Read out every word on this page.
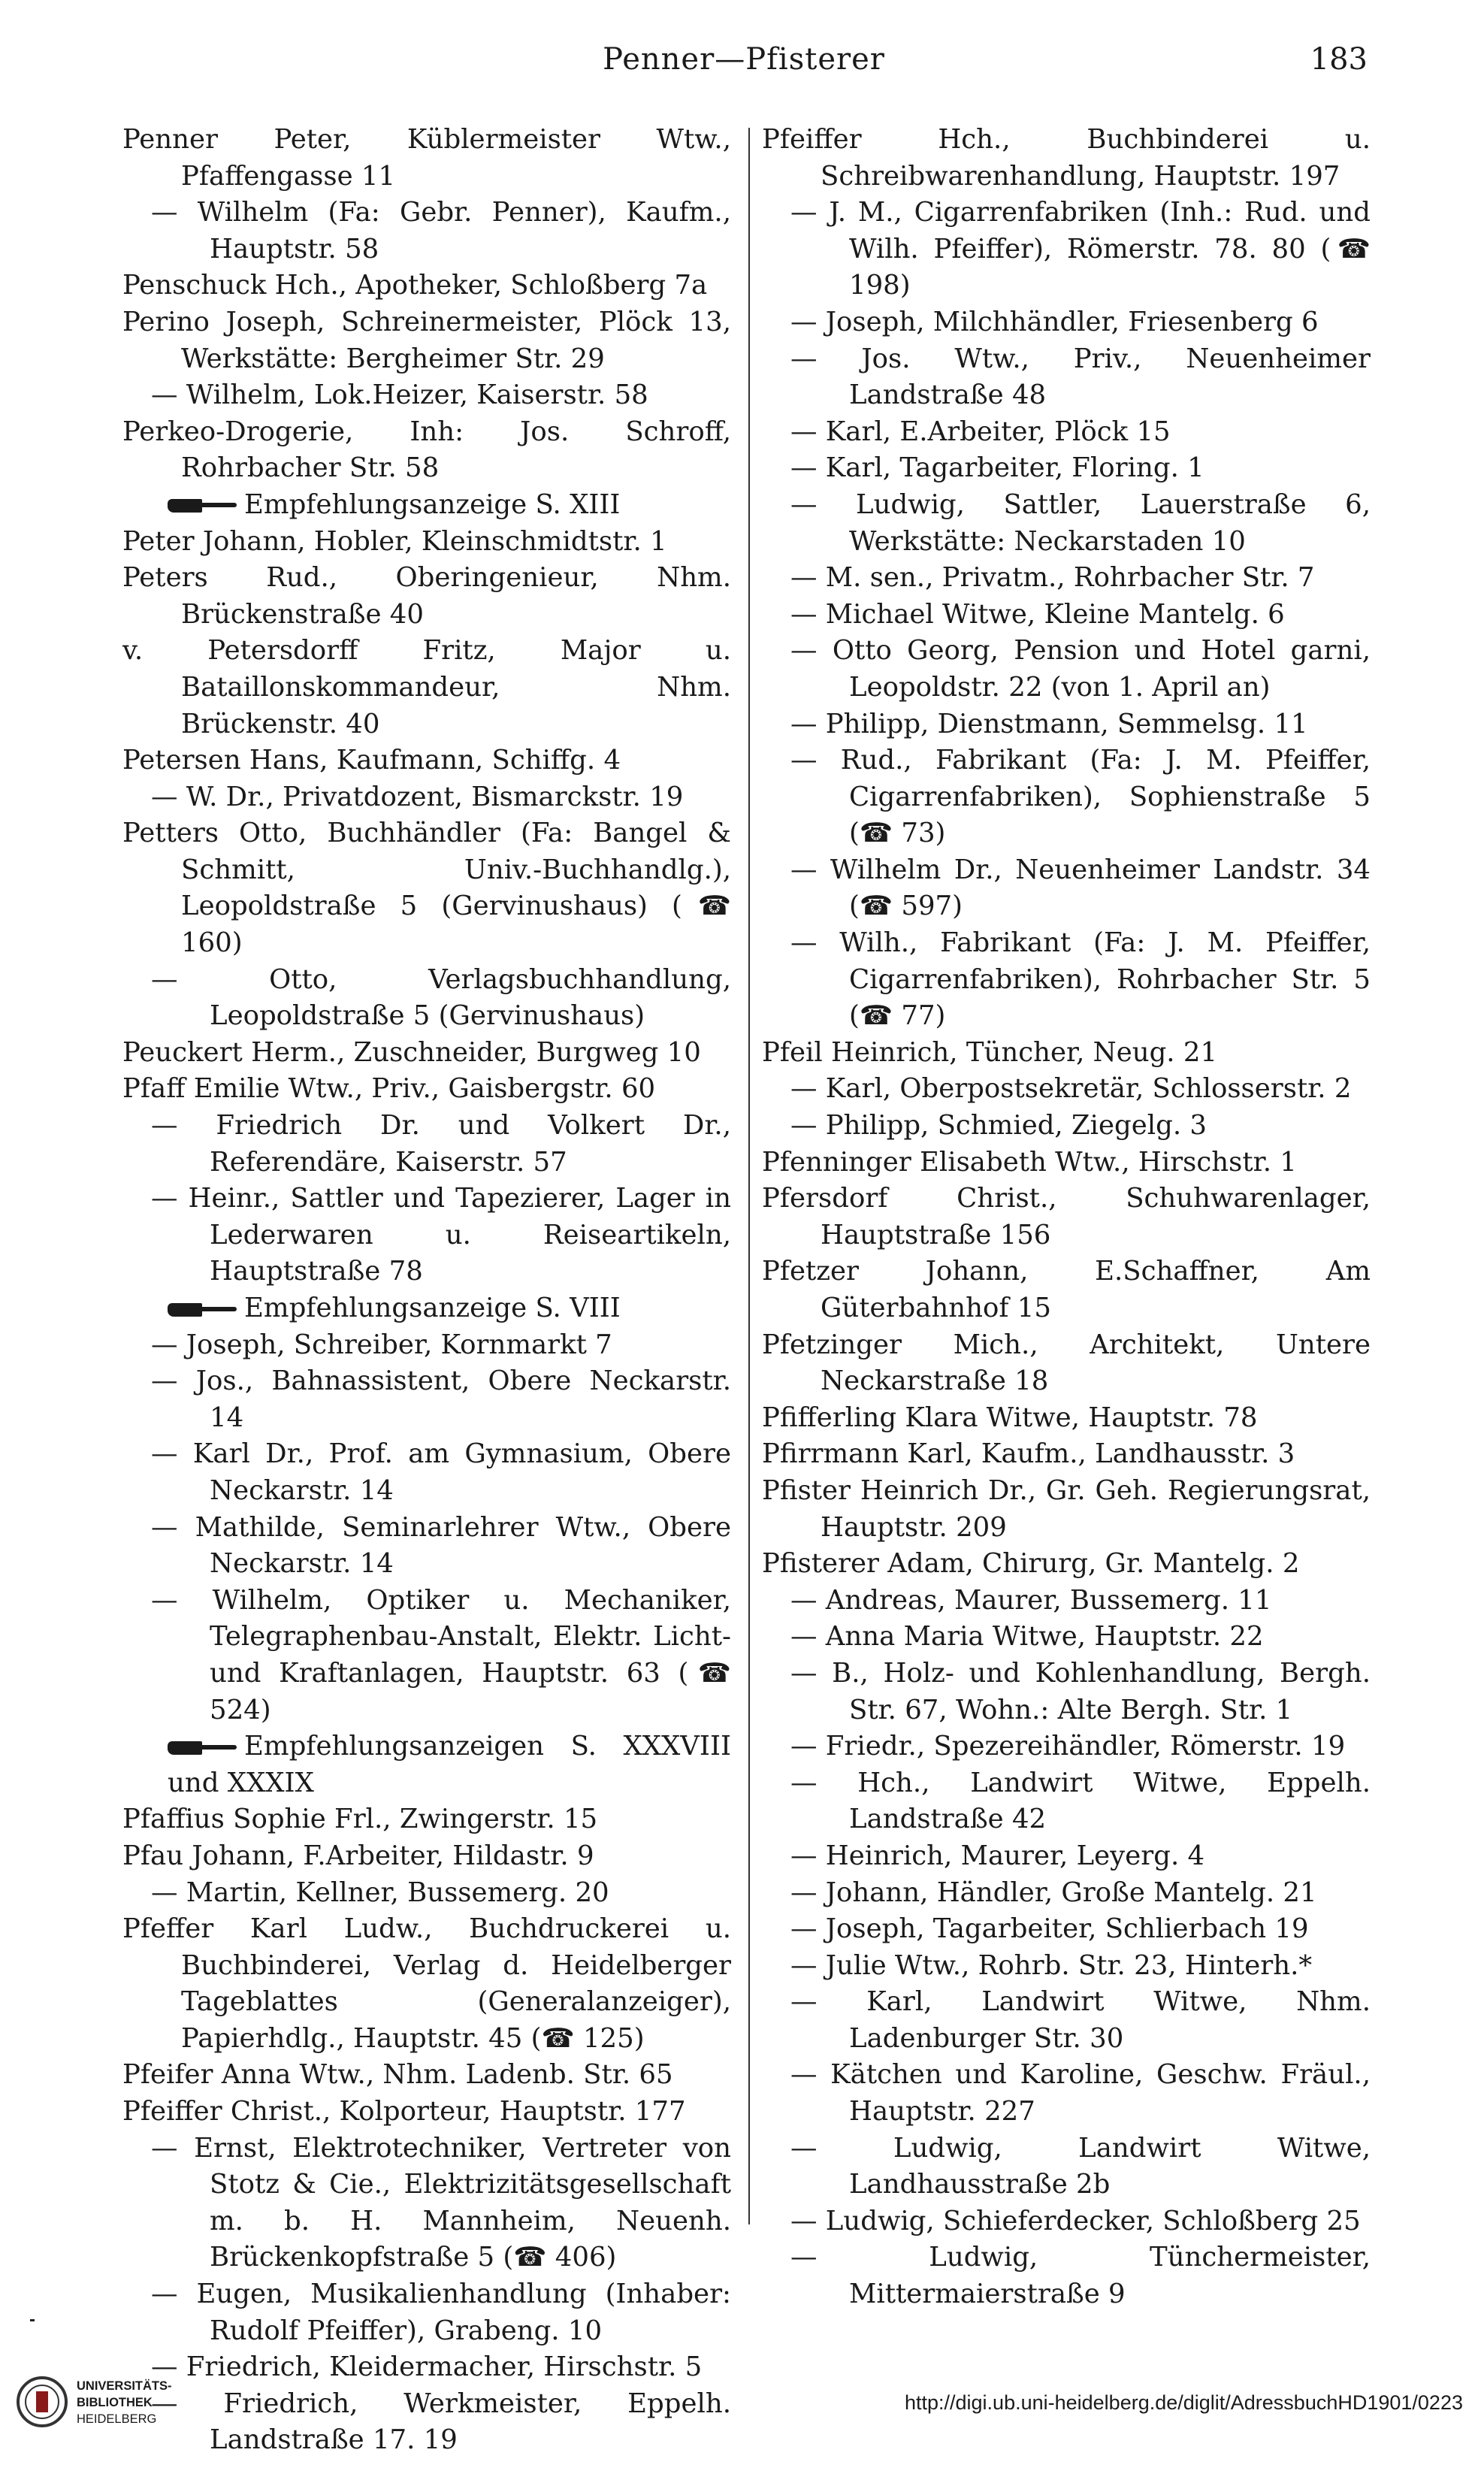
Penner—Pfisterer	183
Penner Peter, Küblermeister Wtw., Pfaffengasse 11
— Wilhelm (Fa: Gebr. Penner), Kaufm., Hauptstr. 58
Penschuck Hch., Apotheker, Schloßberg 7a
Perino Joseph, Schreinermeister, Plöck 13, Werkstätte: Bergheimer Str. 29
— Wilhelm, Lok.Heizer, Kaiserstr. 58
Perkeo-Drogerie, Inh: Jos. Schroff, Rohrbacher Str. 58
Empfehlungsanzeige S. XIII
Peter Johann, Hobler, Kleinschmidtstr. 1
Peters Rud., Oberingenieur, Nhm. Brückenstraße 40
v. Petersdorff Fritz, Major u. Bataillonskommandeur, Nhm. Brückenstr. 40
Petersen Hans, Kaufmann, Schiffg. 4
— W. Dr., Privatdozent, Bismarckstr. 19
Petters Otto, Buchhändler (Fa: Bangel & Schmitt, Univ.-Buchhandlg.), Leopoldstraße 5 (Gervinushaus) (☎ 160)
— Otto, Verlagsbuchhandlung, Leopoldstraße 5 (Gervinushaus)
Peuckert Herm., Zuschneider, Burgweg 10
Pfaff Emilie Wtw., Priv., Gaisbergstr. 60
— Friedrich Dr. und Volkert Dr., Referendäre, Kaiserstr. 57
— Heinr., Sattler und Tapezierer, Lager in Lederwaren u. Reiseartikeln, Hauptstraße 78
Empfehlungsanzeige S. VIII
— Joseph, Schreiber, Kornmarkt 7
— Jos., Bahnassistent, Obere Neckarstr. 14
— Karl Dr., Prof. am Gymnasium, Obere Neckarstr. 14
— Mathilde, Seminarlehrer Wtw., Obere Neckarstr. 14
— Wilhelm, Optiker u. Mechaniker, Telegraphenbau-Anstalt, Elektr. Licht- und Kraftanlagen, Hauptstr. 63 (☎ 524)
Empfehlungsanzeigen S. XXXVIII und XXXIX
Pfaffius Sophie Frl., Zwingerstr. 15
Pfau Johann, F.Arbeiter, Hildastr. 9
— Martin, Kellner, Bussemerg. 20
Pfeffer Karl Ludw., Buchdruckerei u. Buchbinderei, Verlag d. Heidelberger Tageblattes (Generalanzeiger), Papierhdlg., Hauptstr. 45 (☎ 125)
Pfeifer Anna Wtw., Nhm. Ladenb. Str. 65
Pfeiffer Christ., Kolporteur, Hauptstr. 177
— Ernst, Elektrotechniker, Vertreter von Stotz & Cie., Elektrizitätsgesellschaft m. b. H. Mannheim, Neuenh. Brückenkopfstraße 5 (☎ 406)
— Eugen, Musikalienhandlung (Inhaber: Rudolf Pfeiffer), Grabeng. 10
— Friedrich, Kleidermacher, Hirschstr. 5
— Friedrich, Werkmeister, Eppelh. Landstraße 17. 19
Pfeiffer Hch., Buchbinderei u. Schreibwarenhandlung, Hauptstr. 197
— J. M., Cigarrenfabriken (Inh.: Rud. und Wilh. Pfeiffer), Römerstr. 78. 80 (☎ 198)
— Joseph, Milchhändler, Friesenberg 6
— Jos. Wtw., Priv., Neuenheimer Landstraße 48
— Karl, E.Arbeiter, Plöck 15
— Karl, Tagarbeiter, Floring. 1
— Ludwig, Sattler, Lauerstraße 6, Werkstätte: Neckarstaden 10
— M. sen., Privatm., Rohrbacher Str. 7
— Michael Witwe, Kleine Mantelg. 6
— Otto Georg, Pension und Hotel garni, Leopoldstr. 22 (von 1. April an)
— Philipp, Dienstmann, Semmelsg. 11
— Rud., Fabrikant (Fa: J. M. Pfeiffer, Cigarrenfabriken), Sophienstraße 5 (☎ 73)
— Wilhelm Dr., Neuenheimer Landstr. 34 (☎ 597)
— Wilh., Fabrikant (Fa: J. M. Pfeiffer, Cigarrenfabriken), Rohrbacher Str. 5 (☎ 77)
Pfeil Heinrich, Tüncher, Neug. 21
— Karl, Oberpostsekretär, Schlosserstr. 2
— Philipp, Schmied, Ziegelg. 3
Pfenninger Elisabeth Wtw., Hirschstr. 1
Pfersdorf Christ., Schuhwarenlager, Hauptstraße 156
Pfetzer Johann, E.Schaffner, Am Güterbahnhof 15
Pfetzinger Mich., Architekt, Untere Neckarstraße 18
Pfifferling Klara Witwe, Hauptstr. 78
Pfirrmann Karl, Kaufm., Landhausstr. 3
Pfister Heinrich Dr., Gr. Geh. Regierungsrat, Hauptstr. 209
Pfisterer Adam, Chirurg, Gr. Mantelg. 2
— Andreas, Maurer, Bussemerg. 11
— Anna Maria Witwe, Hauptstr. 22
— B., Holz- und Kohlenhandlung, Bergh. Str. 67, Wohn.: Alte Bergh. Str. 1
— Friedr., Spezereihändler, Römerstr. 19
— Hch., Landwirt Witwe, Eppelh. Landstraße 42
— Heinrich, Maurer, Leyerg. 4
— Johann, Händler, Große Mantelg. 21
— Joseph, Tagarbeiter, Schlierbach 19
— Julie Wtw., Rohrb. Str. 23, Hinterh.*
— Karl, Landwirt Witwe, Nhm. Ladenburger Str. 30
— Kätchen und Karoline, Geschw. Fräul., Hauptstr. 227
— Ludwig, Landwirt Witwe, Landhausstraße 2b
— Ludwig, Schieferdecker, Schloßberg 25
— Ludwig, Tünchermeister, Mittermaierstraße 9
UNIVERSITÄTS-
BIBLIOTHEK
HEIDELBERG
http://digi.ub.uni-heidelberg.de/diglit/AdressbuchHD1901/0223
